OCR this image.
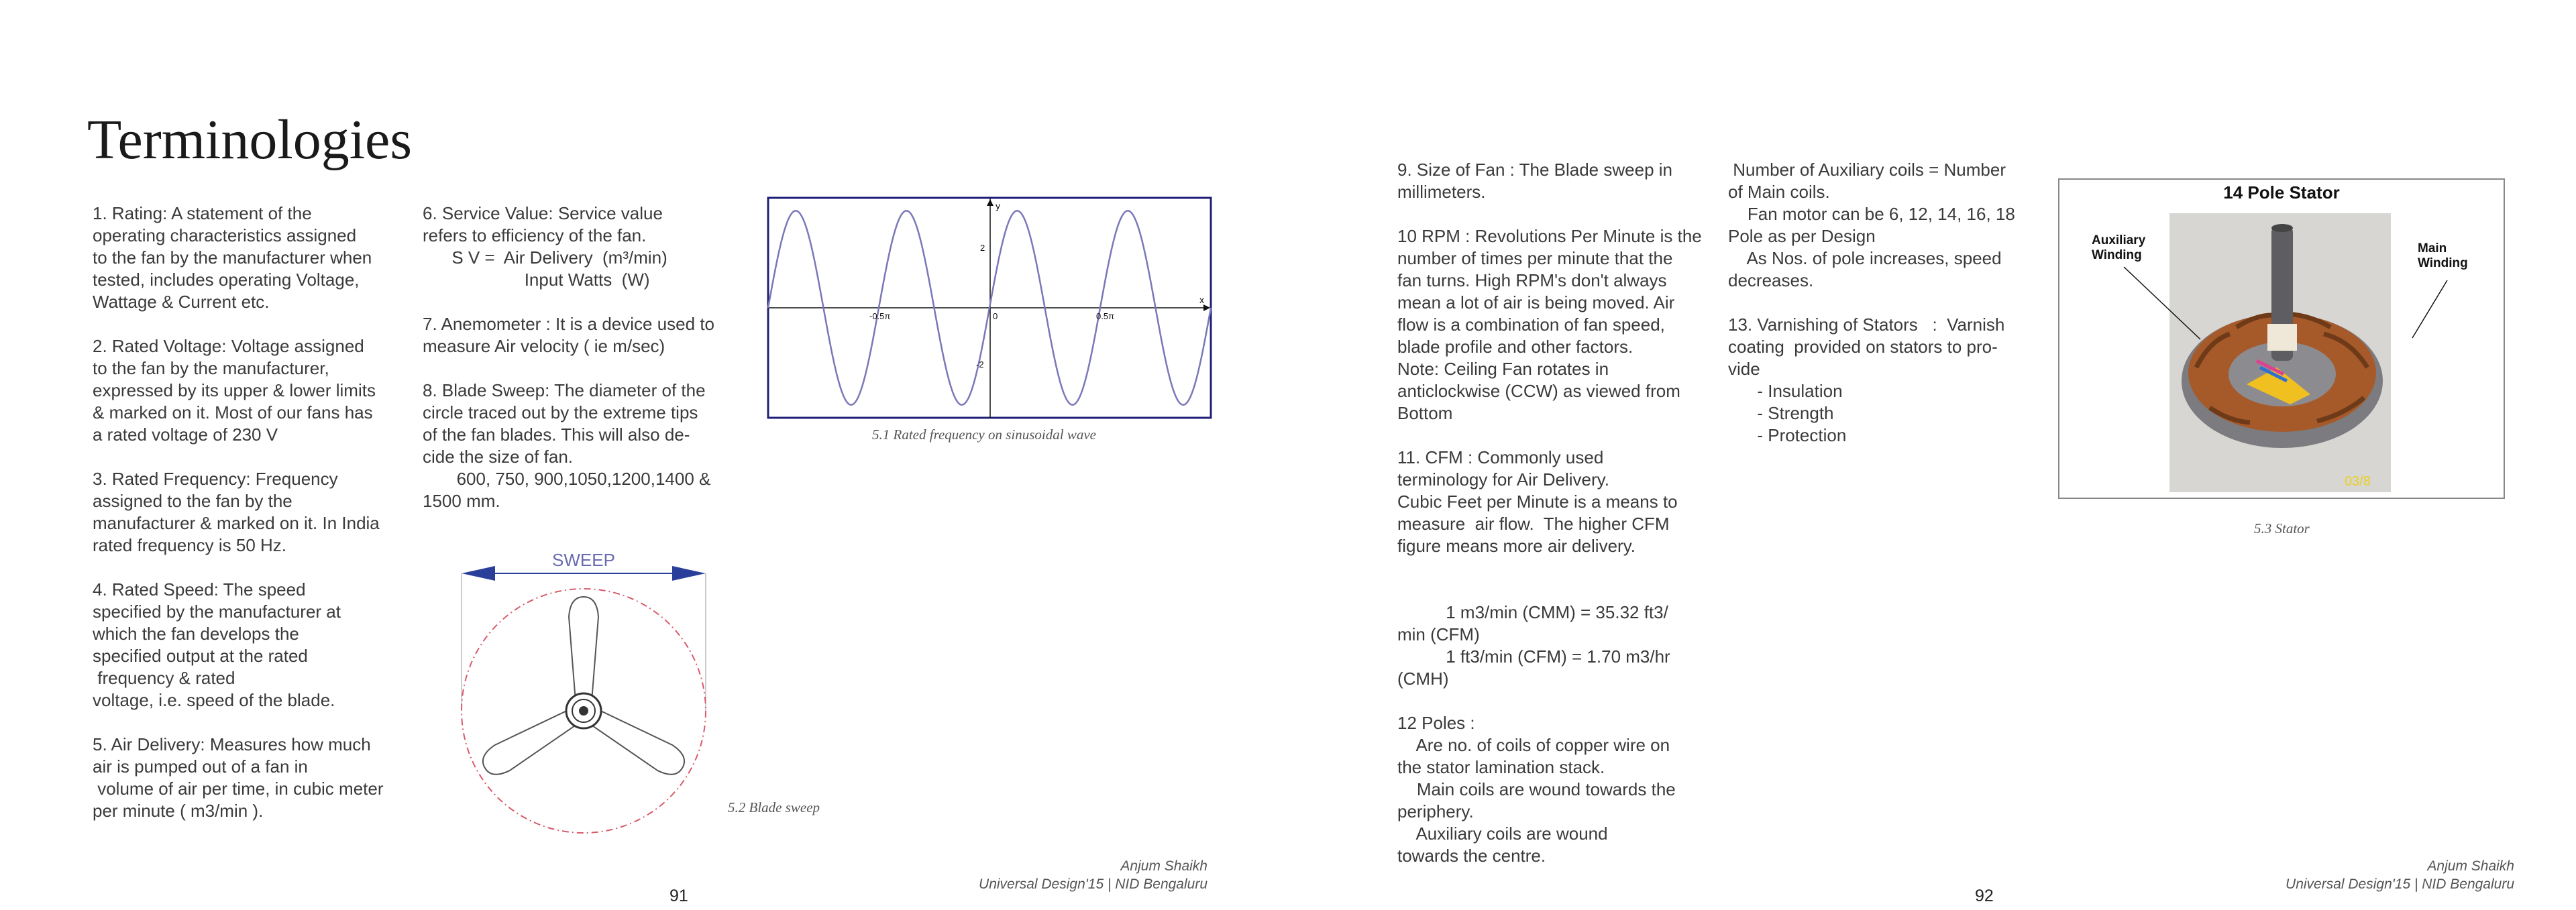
Terminologies
1. Rating: A statement of the
operating characteristics assigned
to the fan by the manufacturer when
tested, includes operating Voltage,
Wattage & Current etc.
2. Rated Voltage: Voltage assigned
to the fan by the manufacturer,
expressed by its upper & lower limits
& marked on it. Most of our fans has
a rated voltage of 230 V
3. Rated Frequency: Frequency
assigned to the fan by the
manufacturer & marked on it. In India
rated frequency is 50 Hz.
4. Rated Speed: The speed
specified by the manufacturer at
which the fan develops the
specified output at the rated
frequency & rated
voltage, i.e. speed of the blade.
5. Air Delivery: Measures how much
air is pumped out of a fan in
volume of air per time, in cubic meter
per minute ( m3/min ).
6. Service Value: Service value
refers to efficiency of the fan.
S V =  Air Delivery  (m³/min)
Input Watts  (W)
7. Anemometer : It is a device used to
measure Air velocity ( ie m/sec)
8. Blade Sweep: The diameter of the
circle traced out by the extreme tips
of the fan blades. This will also de-
cide the size of fan.
600, 750, 900,1050,1200,1400 &
1500 mm.
y
x
-0.5π	0	0.5π
2
-2
5.1 Rated frequency on sinusoidal wave
SWEEP
5.2 Blade sweep
Anjum Shaikh
Universal Design'15 | NID Bengaluru
91
9. Size of Fan : The Blade sweep in
millimeters.
10 RPM : Revolutions Per Minute is the
number of times per minute that the
fan turns. High RPM's don't always
mean a lot of air is being moved. Air
flow is a combination of fan speed,
blade profile and other factors.
Note: Ceiling Fan rotates in
anticlockwise (CCW) as viewed from
Bottom
11. CFM : Commonly used
terminology for Air Delivery.
Cubic Feet per Minute is a means to
measure  air flow.  The higher CFM
figure means more air delivery.

1 m3/min (CMM) = 35.32 ft3/
min (CFM)
1 ft3/min (CFM) = 1.70 m3/hr
(CMH)
12 Poles :
Are no. of coils of copper wire on
the stator lamination stack.
Main coils are wound towards the
periphery.
Auxiliary coils are wound
towards the centre.
Number of Auxiliary coils = Number
of Main coils.
Fan motor can be 6, 12, 14, 16, 18
Pole as per Design
As Nos. of pole increases, speed
decreases.
13. Varnishing of Stators   :  Varnish
coating  provided on stators to pro-
vide
- Insulation
- Strength
- Protection
14 Pole Stator
Auxiliary Winding	Main Winding
03/8
5.3 Stator
Anjum Shaikh
Universal Design'15 | NID Bengaluru
92
